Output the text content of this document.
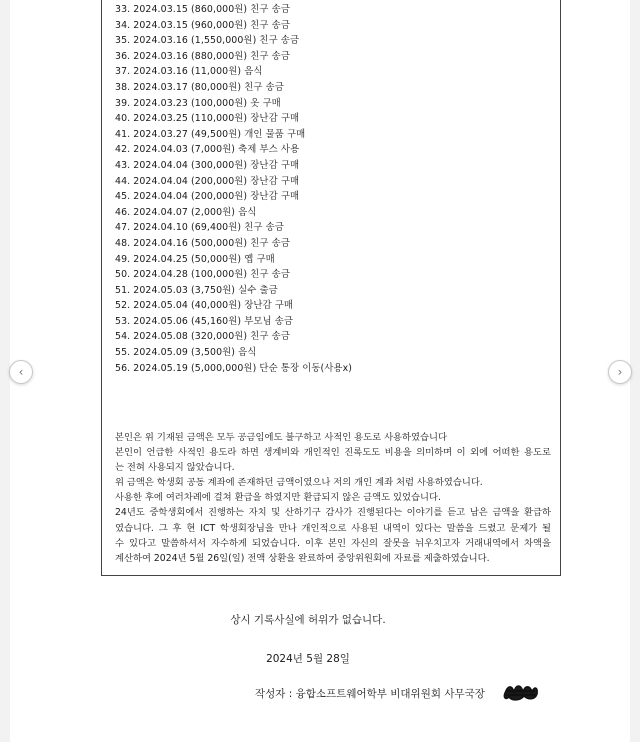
33. 2024.03.15 (860,000원) 친구 송금
34. 2024.03.15 (960,000원) 친구 송금
35. 2024.03.16 (1,550,000원) 친구 송금
36. 2024.03.16 (880,000원) 친구 송금
37. 2024.03.16 (11,000원) 음식
38. 2024.03.17 (80,000원) 친구 송금
39. 2024.03.23 (100,000원) 옷 구매
40. 2024.03.25 (110,000원) 장난감 구매
41. 2024.03.27 (49,500원) 개인 물품 구매
42. 2024.04.03 (7,000원) 축제 부스 사용
43. 2024.04.04 (300,000원) 장난감 구매
44. 2024.04.04 (200,000원) 장난감 구매
45. 2024.04.04 (200,000원) 장난감 구매
46. 2024.04.07 (2,000원) 음식
47. 2024.04.10 (69,400원) 친구 송금
48. 2024.04.16 (500,000원) 친구 송금
49. 2024.04.25 (50,000원) 옙 구매
50. 2024.04.28 (100,000원) 친구 송금
51. 2024.05.03 (3,750원) 실수 출금
52. 2024.05.04 (40,000원) 장난감 구매
53. 2024.05.06 (45,160원) 부모님 송금
54. 2024.05.08 (320,000원) 친구 송금
55. 2024.05.09 (3,500원) 음식
56. 2024.05.19 (5,000,000원) 단순 통장 이동(사용x)

본인은 위 기재된 금액은 모두 공금임에도 불구하고 사적인 용도로 사용하였습니다

본인이 언급한 사적인 용도라 하면 생계비와 개인적인 진록도도 비용을 의미하며 이 외에 어떠한 용도로

는 전혀 사용되지 않았습니다.

위 금액은 학생회 공동 계좌에 존재하던 금액이였으나 저의 개인 계좌 처럼 사용하였습니다.

사용한 후에 여러차례에 걸쳐 환급을 하였지만 환급되지 않은 금액도 있었습니다.

24년도 중학생회에서 진행하는 자치 및 산하기구 감사가 진행된다는 이야기를 듣고 남은 금액을 환급하

였습니다. 그 후 현 ICT 학생회장님을 만나 개인적으로 사용된 내역이 있다는 말씀을 드렸고 문제가 될

수 있다고 말씀하셔서 자수하게 되었습니다. 이후 본인 자신의 잘못을 뉘우치고자 거래내역에서 차액을

계산하여 2024년 5월 26일(일) 전액 상환을 완료하여 중앙위원회에 자료를 제출하였습니다.

상시 기록사실에 허위가 없습니다.
2024년 5월 28일
작성자 : 융합소프트웨어학부 비대위원회 사무국장
‹	›
